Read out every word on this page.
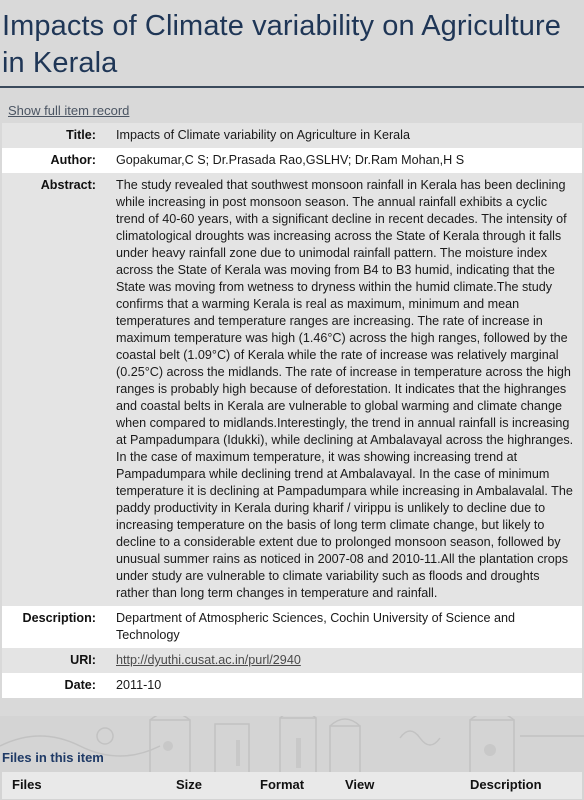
Impacts of Climate variability on Agriculture in Kerala
Show full item record
Title:	Impacts of Climate variability on Agriculture in Kerala
Author:	Gopakumar,C S; Dr.Prasada Rao,GSLHV; Dr.Ram Mohan,H S
Abstract:	The study revealed that southwest monsoon rainfall in Kerala has been declining while increasing in post monsoon season. The annual rainfall exhibits a cyclic trend of 40-60 years, with a significant decline in recent decades. The intensity of climatological droughts was increasing across the State of Kerala through it falls under heavy rainfall zone due to unimodal rainfall pattern. The moisture index across the State of Kerala was moving from B4 to B3 humid, indicating that the State was moving from wetness to dryness within the humid climate.The study confirms that a warming Kerala is real as maximum, minimum and mean temperatures and temperature ranges are increasing. The rate of increase in maximum temperature was high (1.46°C) across the high ranges, followed by the coastal belt (1.09°C) of Kerala while the rate of increase was relatively marginal (0.25°C) across the midlands. The rate of increase in temperature across the high ranges is probably high because of deforestation. It indicates that the highranges and coastal belts in Kerala are vulnerable to global warming and climate change when compared to midlands.Interestingly, the trend in annual rainfall is increasing at Pampadumpara (Idukki), while declining at Ambalavayal across the highranges. In the case of maximum temperature, it was showing increasing trend at Pampadumpara while declining trend at Ambalavayal. In the case of minimum temperature it is declining at Pampadumpara while increasing in Ambalavalal. The paddy productivity in Kerala during kharif / virippu is unlikely to decline due to increasing temperature on the basis of long term climate change, but likely to decline to a considerable extent due to prolonged monsoon season, followed by unusual summer rains as noticed in 2007-08 and 2010-11.All the plantation crops under study are vulnerable to climate variability such as floods and droughts rather than long term changes in temperature and rainfall.
Description:	Department of Atmospheric Sciences, Cochin University of Science and Technology
URI:	http://dyuthi.cusat.ac.in/purl/2940
Date:	2011-10
Files in this item
Files	Size	Format	View	Description
